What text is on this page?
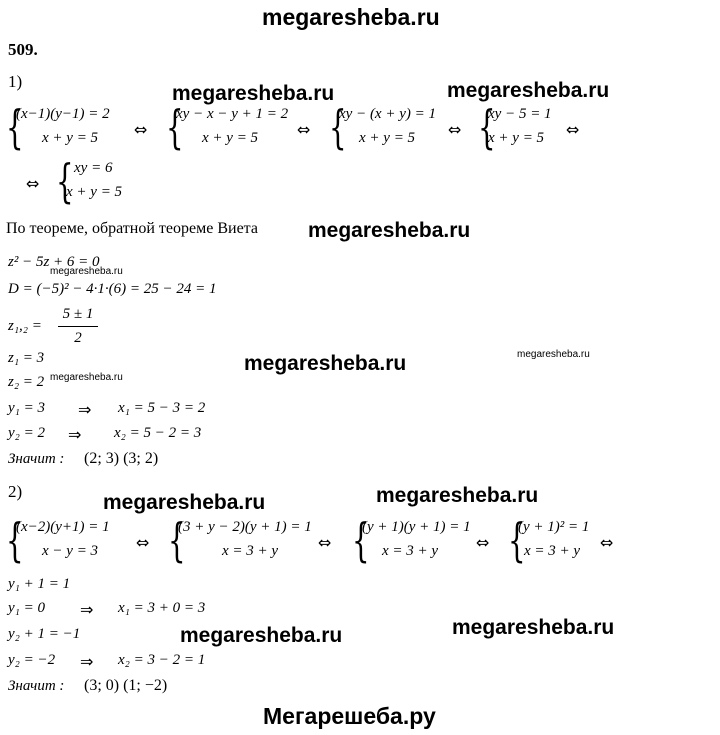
megaresheba.ru
509.
1)
megaresheba.ru	megaresheba.ru
{
(x−1)(y−1) = 2
x + y = 5 ⇔ {
xy − x − y + 1 = 2
x + y = 5 ⇔ {
xy − (x + y) = 1
x + y = 5 ⇔ {
xy − 5 = 1
x + y = 5 ⇔
⇔ { xy = 6
x + y = 5
По теореме, обратной теореме Виета megaresheba.ru
z² − 5z + 6 = 0
megaresheba.ru
D = (−5)² − 4·1·(6) = 25 − 24 = 1
z₁,₂ =
5 ± 1
2
z₁ = 3	megaresheba.ru	megaresheba.ru
z₂ = 2 megaresheba.ru
y₁ = 3 ⇒ x₁ = 5 − 3 = 2
y₂ = 2 ⇒ x₂ = 5 − 2 = 3
Значит : (2; 3) (3; 2)
2)	megaresheba.ru	megaresheba.ru
{
(x−2)(y+1) = 1
x − y = 3 ⇔ {
(3 + y − 2)(y + 1) = 1
x = 3 + y ⇔ {
(y + 1)(y + 1) = 1
x = 3 + y ⇔ {
(y + 1)² = 1
x = 3 + y ⇔
y₁ + 1 = 1
y₁ = 0 ⇒ x₁ = 3 + 0 = 3
y₂ + 1 = −1	megaresheba.ru	megaresheba.ru
y₂ = −2 ⇒ x₂ = 3 − 2 = 1
Значит : (3; 0) (1; −2)
Мегарешеба.ру
